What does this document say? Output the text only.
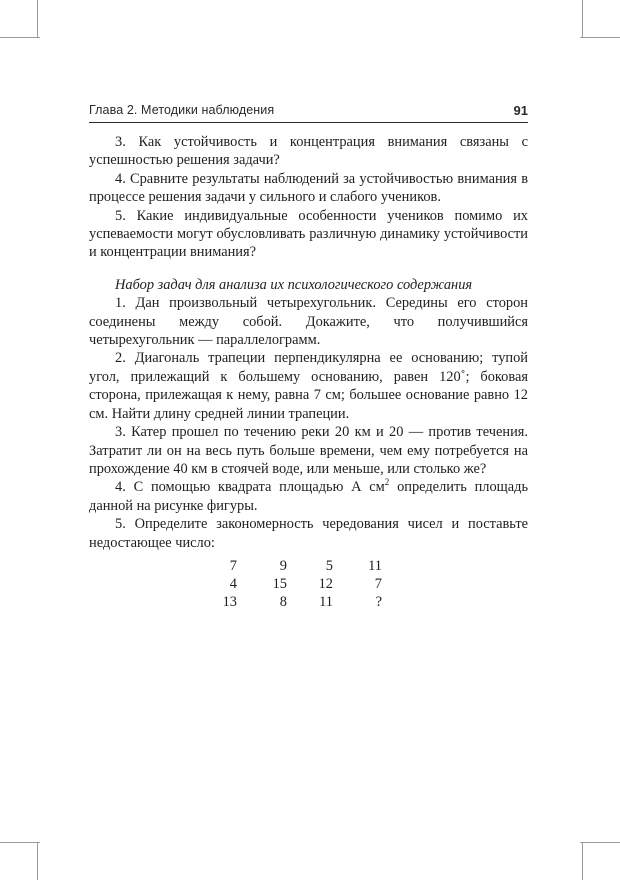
Глава 2. Методики наблюдения	91

3. Как устойчивость и концентрация внимания связаны с успешностью решения задачи?

4. Сравните результаты наблюдений за устойчивостью внимания в процессе решения задачи у сильного и слабого учеников.

5. Какие индивидуальные особенности учеников помимо их успеваемости могут обусловливать различную динамику устойчивости и концентрации внимания?

Набор задач для анализа их психологического содержания

1. Дан произвольный четырехугольник. Середины его сторон соединены между собой. Докажите, что получившийся четырехугольник — параллелограмм.

2. Диагональ трапеции перпендикулярна ее основанию; тупой угол, прилежащий к большему основанию, равен 120˚; боковая сторона, прилежащая к нему, равна 7 см; большее основание равно 12 см. Найти длину средней линии трапеции.

3. Катер прошел по течению реки 20 км и 20 — против течения. Затратит ли он на весь путь больше времени, чем ему потребуется на прохождение 40 км в стоячей воде, или меньше, или столько же?

4. С помощью квадрата площадью А $см^2$ определить площадь данной на рисунке фигуры.

5. Определите закономерность чередования чисел и поставьте недостающее число:

7	9	5	11
4	15	12	7
13	8	11	?
